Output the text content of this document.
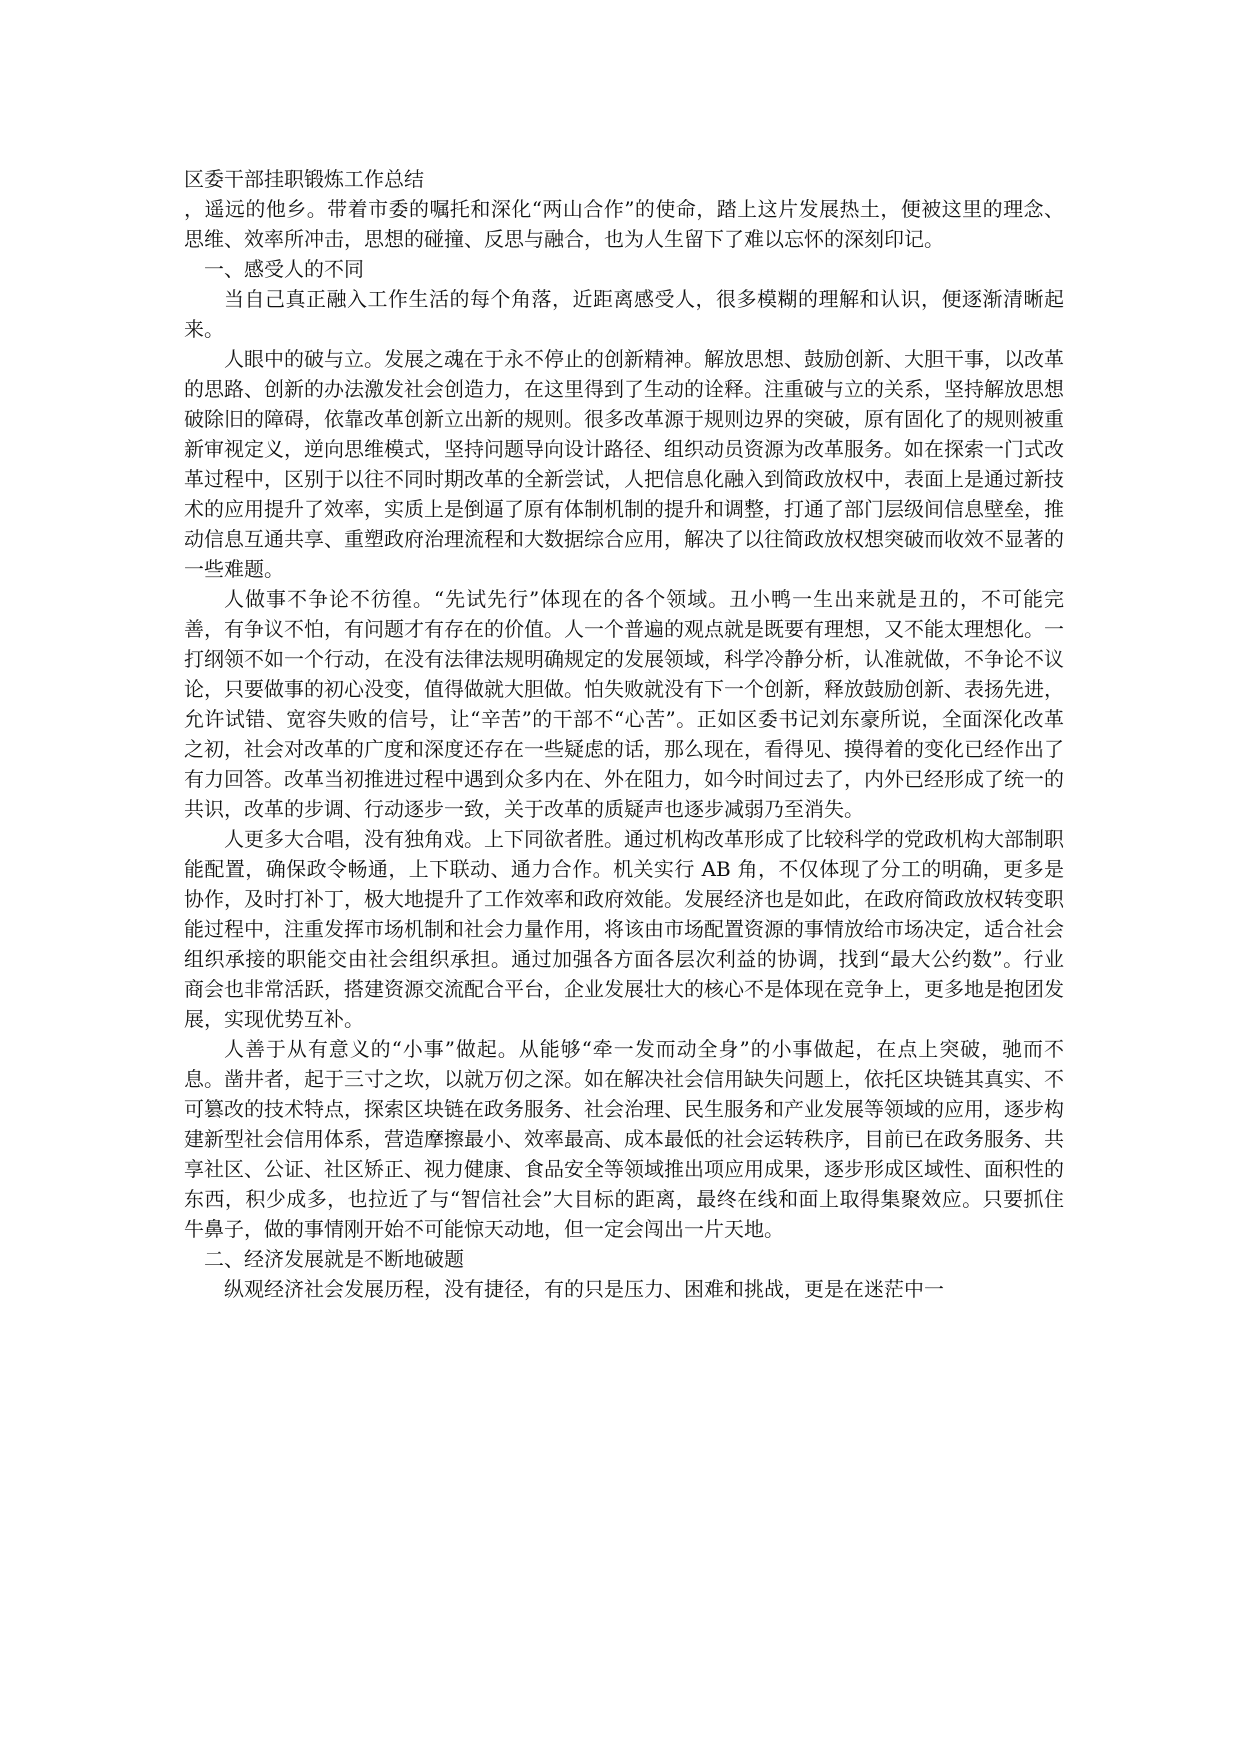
区委干部挂职锻炼工作总结

，遥远的他乡。带着市委的嘱托和深化“两山合作”的使命，踏上这片发展热土，便被这里的理念、思维、效率所冲击，思想的碰撞、反思与融合，也为人生留下了难以忘怀的深刻印记。

一、感受人的不同

当自己真正融入工作生活的每个角落，近距离感受人，很多模糊的理解和认识，便逐渐清晰起来。

人眼中的破与立。发展之魂在于永不停止的创新精神。解放思想、鼓励创新、大胆干事，以改革的思路、创新的办法激发社会创造力，在这里得到了生动的诠释。注重破与立的关系，坚持解放思想破除旧的障碍，依靠改革创新立出新的规则。很多改革源于规则边界的突破，原有固化了的规则被重新审视定义，逆向思维模式，坚持问题导向设计路径、组织动员资源为改革服务。如在探索一门式改革过程中，区别于以往不同时期改革的全新尝试，人把信息化融入到简政放权中，表面上是通过新技术的应用提升了效率，实质上是倒逼了原有体制机制的提升和调整，打通了部门层级间信息壁垒，推动信息互通共享、重塑政府治理流程和大数据综合应用，解决了以往简政放权想突破而收效不显著的一些难题。

人做事不争论不彷徨。“先试先行”体现在的各个领域。丑小鸭一生出来就是丑的，不可能完善，有争议不怕，有问题才有存在的价值。人一个普遍的观点就是既要有理想，又不能太理想化。一打纲领不如一个行动，在没有法律法规明确规定的发展领域，科学冷静分析，认准就做，不争论不议论，只要做事的初心没变，值得做就大胆做。怕失败就没有下一个创新，释放鼓励创新、表扬先进，允许试错、宽容失败的信号，让“辛苦”的干部不“心苦”。正如区委书记刘东豪所说，全面深化改革之初，社会对改革的广度和深度还存在一些疑虑的话，那么现在，看得见、摸得着的变化已经作出了有力回答。改革当初推进过程中遇到众多内在、外在阻力，如今时间过去了，内外已经形成了统一的共识，改革的步调、行动逐步一致，关于改革的质疑声也逐步减弱乃至消失。

人更多大合唱，没有独角戏。上下同欲者胜。通过机构改革形成了比较科学的党政机构大部制职能配置，确保政令畅通，上下联动、通力合作。机关实行 AB 角，不仅体现了分工的明确，更多是协作，及时打补丁，极大地提升了工作效率和政府效能。发展经济也是如此，在政府简政放权转变职能过程中，注重发挥市场机制和社会力量作用，将该由市场配置资源的事情放给市场决定，适合社会组织承接的职能交由社会组织承担。通过加强各方面各层次利益的协调，找到“最大公约数”。行业商会也非常活跃，搭建资源交流配合平台，企业发展壮大的核心不是体现在竞争上，更多地是抱团发展，实现优势互补。

人善于从有意义的“小事”做起。从能够“牵一发而动全身”的小事做起，在点上突破，驰而不息。凿井者，起于三寸之坎，以就万仞之深。如在解决社会信用缺失问题上，依托区块链其真实、不可篡改的技术特点，探索区块链在政务服务、社会治理、民生服务和产业发展等领域的应用，逐步构建新型社会信用体系，营造摩擦最小、效率最高、成本最低的社会运转秩序，目前已在政务服务、共享社区、公证、社区矫正、视力健康、食品安全等领域推出项应用成果，逐步形成区域性、面积性的东西，积少成多，也拉近了与“智信社会”大目标的距离，最终在线和面上取得集聚效应。只要抓住牛鼻子，做的事情刚开始不可能惊天动地，但一定会闯出一片天地。

二、经济发展就是不断地破题

纵观经济社会发展历程，没有捷径，有的只是压力、困难和挑战，更是在迷茫中一
